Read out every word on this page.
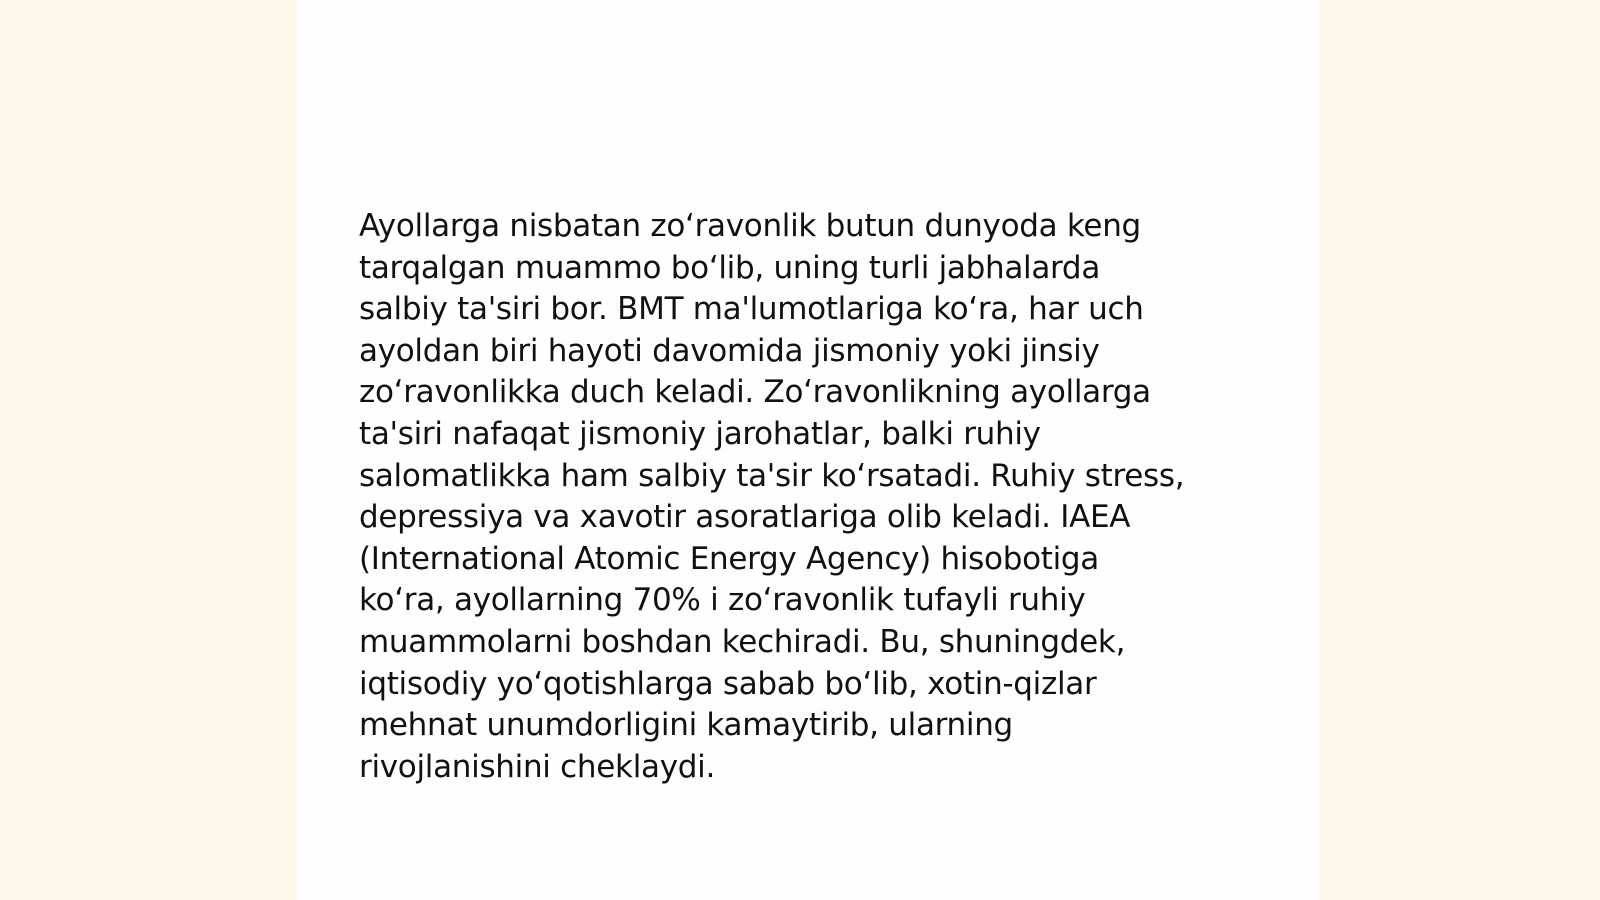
Ayollarga nisbatan zoʻravonlik butun dunyoda keng
tarqalgan muammo boʻlib, uning turli jabhalarda
salbiy ta'siri bor. BMT ma'lumotlariga koʻra, har uch
ayoldan biri hayoti davomida jismoniy yoki jinsiy
zoʻravonlikka duch keladi. Zoʻravonlikning ayollarga
ta'siri nafaqat jismoniy jarohatlar, balki ruhiy
salomatlikka ham salbiy ta'sir koʻrsatadi. Ruhiy stress,
depressiya va xavotir asoratlariga olib keladi. IAEA
(International Atomic Energy Agency) hisobotiga
koʻra, ayollarning 70% i zoʻravonlik tufayli ruhiy
muammolarni boshdan kechiradi. Bu, shuningdek,
iqtisodiy yoʻqotishlarga sabab boʻlib, xotin-qizlar
mehnat unumdorligini kamaytirib, ularning
rivojlanishini cheklaydi.
